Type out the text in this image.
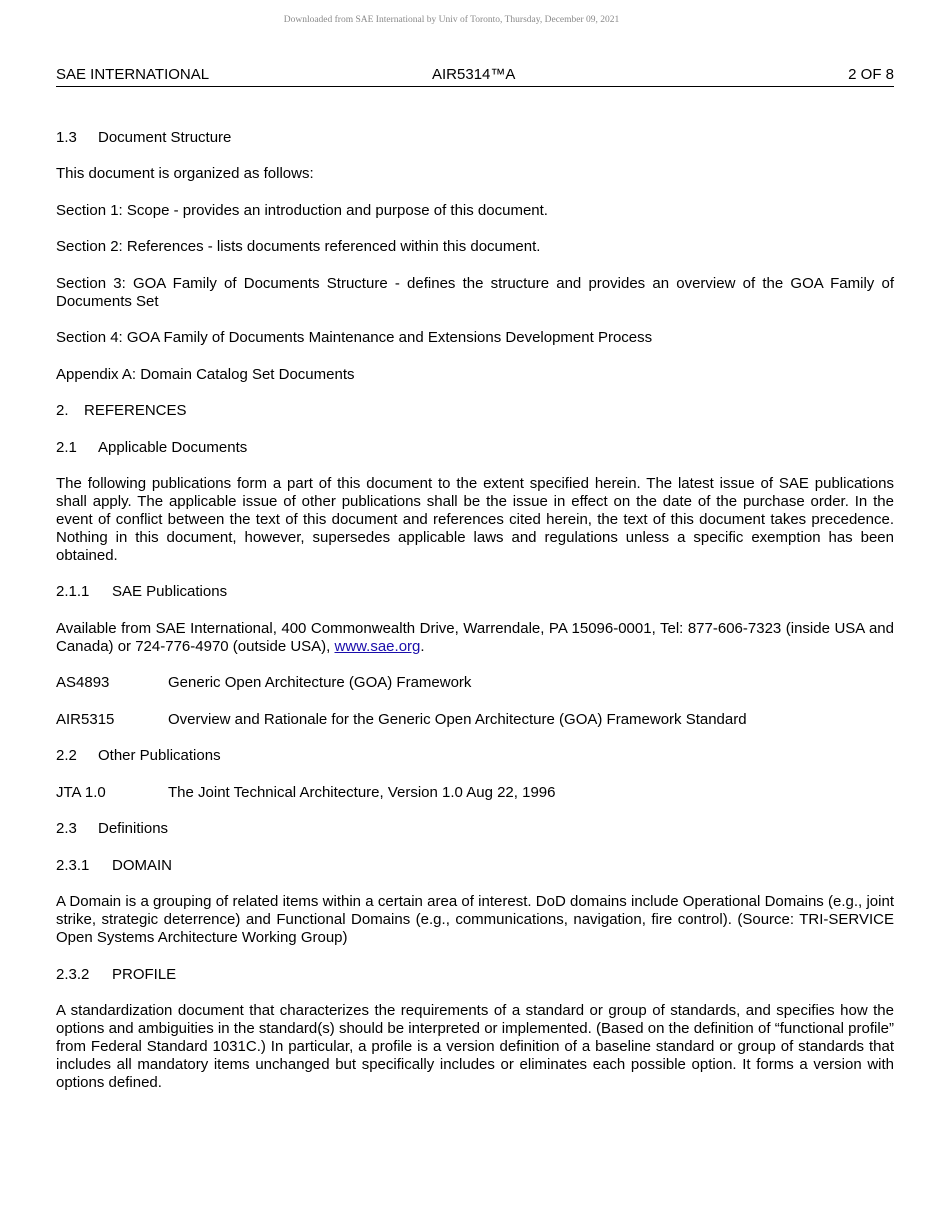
Downloaded from SAE International by Univ of Toronto, Thursday, December 09, 2021
SAE INTERNATIONAL	AIR5314™A	2 OF 8
1.3 Document Structure
This document is organized as follows:
Section 1: Scope - provides an introduction and purpose of this document.
Section 2: References - lists documents referenced within this document.
Section 3: GOA Family of Documents Structure - defines the structure and provides an overview of the GOA Family of Documents Set
Section 4: GOA Family of Documents Maintenance and Extensions Development Process
Appendix A: Domain Catalog Set Documents
2. REFERENCES
2.1 Applicable Documents
The following publications form a part of this document to the extent specified herein. The latest issue of SAE publications shall apply. The applicable issue of other publications shall be the issue in effect on the date of the purchase order. In the event of conflict between the text of this document and references cited herein, the text of this document takes precedence. Nothing in this document, however, supersedes applicable laws and regulations unless a specific exemption has been obtained.
2.1.1 SAE Publications
Available from SAE International, 400 Commonwealth Drive, Warrendale, PA 15096-0001, Tel: 877-606-7323 (inside USA and Canada) or 724-776-4970 (outside USA), www.sae.org.
AS4893	Generic Open Architecture (GOA) Framework
AIR5315	Overview and Rationale for the Generic Open Architecture (GOA) Framework Standard
2.2 Other Publications
JTA 1.0	The Joint Technical Architecture, Version 1.0 Aug 22, 1996
2.3 Definitions
2.3.1 DOMAIN
A Domain is a grouping of related items within a certain area of interest. DoD domains include Operational Domains (e.g., joint strike, strategic deterrence) and Functional Domains (e.g., communications, navigation, fire control). (Source: TRI-SERVICE Open Systems Architecture Working Group)
2.3.2 PROFILE
A standardization document that characterizes the requirements of a standard or group of standards, and specifies how the options and ambiguities in the standard(s) should be interpreted or implemented. (Based on the definition of “functional profile” from Federal Standard 1031C.) In particular, a profile is a version definition of a baseline standard or group of standards that includes all mandatory items unchanged but specifically includes or eliminates each possible option. It forms a version with options defined.
